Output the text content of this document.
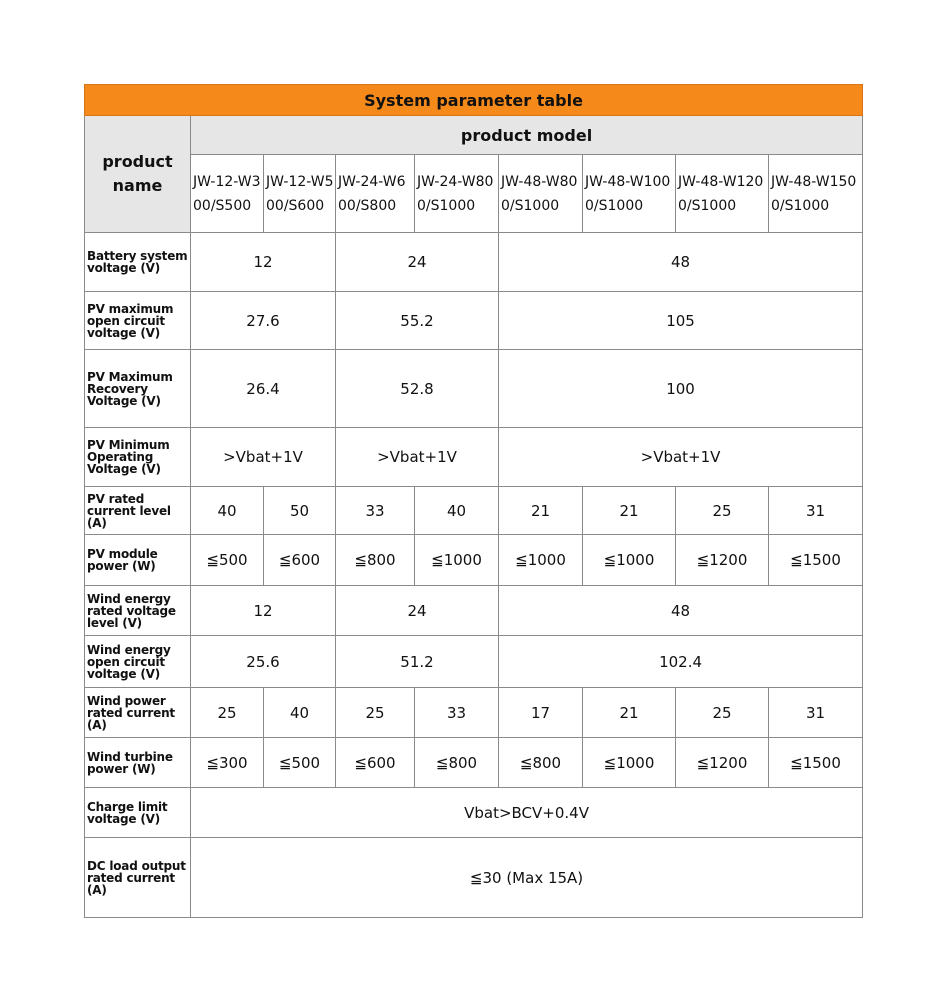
System parameter table								
product name	product model							
	JW-12-W300/S500	JW-12-W500/S600	JW-24-W600/S800	JW-24-W800/S1000	JW-48-W800/S1000	JW-48-W1000/S1000	JW-48-W1200/S1000	JW-48-W1500/S1000
Battery system voltage (V)	12		24		48			
PV maximum open circuit voltage (V)	27.6		55.2		105			
PV Maximum Recovery Voltage (V)	26.4		52.8		100			
PV Minimum Operating Voltage (V)	>Vbat+1V		>Vbat+1V		>Vbat+1V			
PV rated current level (A)	40	50	33	40	21	21	25	31
PV module power (W)	≦500	≦600	≦800	≦1000	≦1000	≦1000	≦1200	≦1500
Wind energy rated voltage level (V)	12		24		48			
Wind energy open circuit voltage (V)	25.6		51.2		102.4			
Wind power rated current (A)	25	40	25	33	17	21	25	31
Wind turbine power (W)	≦300	≦500	≦600	≦800	≦800	≦1000	≦1200	≦1500
Charge limit voltage (V)	Vbat>BCV+0.4V							
DC load output rated current (A)	≦30 (Max 15A)							
